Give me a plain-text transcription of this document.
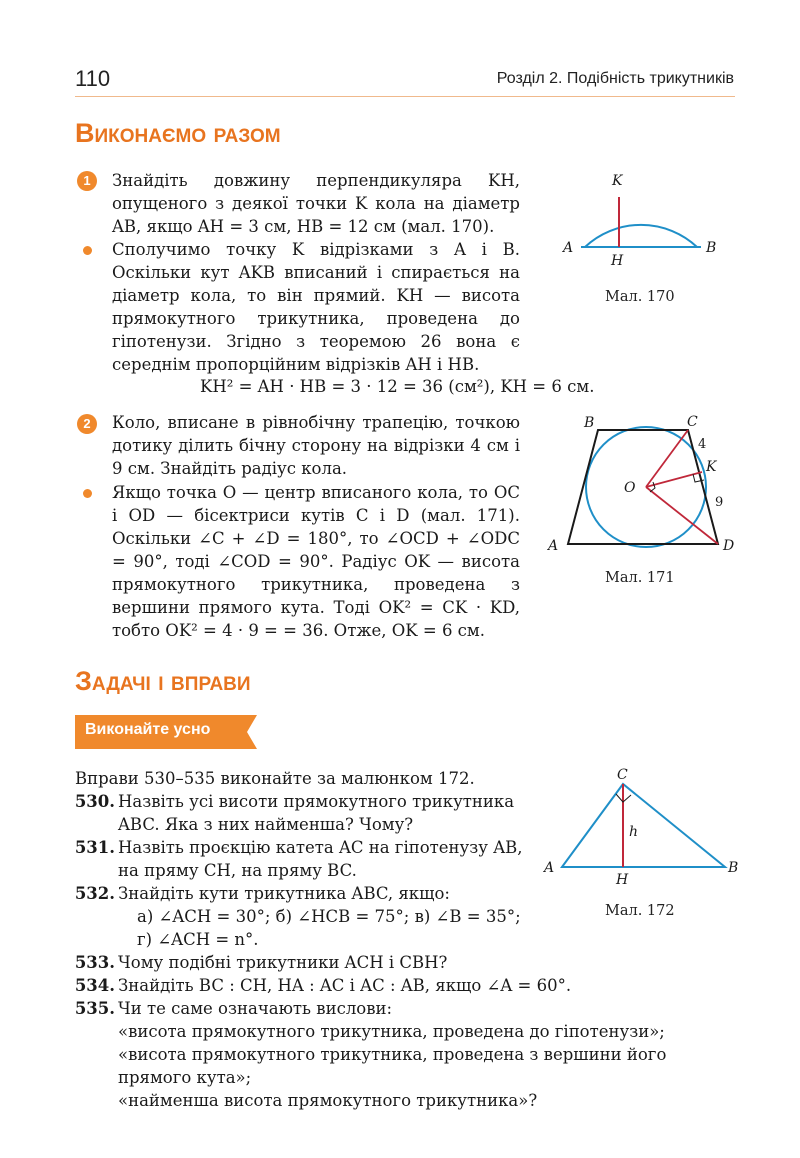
110	Розділ 2. Подібність трикутників
Виконаємо разом
1	Знайдіть довжину перпендикуляра KH, опущеного з деякої точки K кола на діаметр AB, якщо AH = 3 см, HB = 12 см (мал. 170).
Сполучимо точку K відрізками з A і B. Оскільки кут AKB вписаний і спирається на діаметр кола, то він прямий. KH — висота прямокутного трикутника, проведена до гіпотенузи. Згідно з теоремою 26 вона є середнім пропорційним відрізків AH і HB.
KH² = AH · HB = 3 · 12 = 36 (см²), KH = 6 см.
K
A
H
B
Мал. 170
2	Коло, вписане в рівнобічну трапецію, точкою дотику ділить бічну сторону на відрізки 4 см і 9 см. Знайдіть радіус кола.
Якщо точка O — центр вписаного кола, то OC і OD — бісектриси кутів C і D (мал. 171). Оскільки ∠C + ∠D = 180°, то ∠OCD + ∠ODC = 90°, тоді ∠COD = 90°. Радіус OK — висота прямокутного трикутника, проведена з вершини прямого кута. Тоді OK² = CK · KD, тобто OK² = 4 · 9 = = 36. Отже, OK = 6 см.
B	C
K
O
A	D
4
9
Мал. 171
Задачі і вправи
Виконайте усно
Вправи 530–535 виконайте за малюнком 172.
530. Назвіть усі висоти прямокутного трикутника ABC. Яка з них найменша? Чому?
531. Назвіть проєкцію катета AC на гіпотенузу AB, на пряму CH, на пряму BC.
532. Знайдіть кути трикутника ABC, якщо:
а) ∠ACH = 30°; б) ∠HCB = 75°; в) ∠B = 35°;
г) ∠ACH = n°.
533. Чому подібні трикутники ACH і CBH?
534. Знайдіть BC : CH, HA : AC і AC : AB, якщо ∠A = 60°.
535. Чи те саме означають вислови:
«висота прямокутного трикутника, проведена до гіпотенузи»;
«висота прямокутного трикутника, проведена з вершини його прямого кута»;
«найменша висота прямокутного трикутника»?
C
A
H
B
h
Мал. 172
